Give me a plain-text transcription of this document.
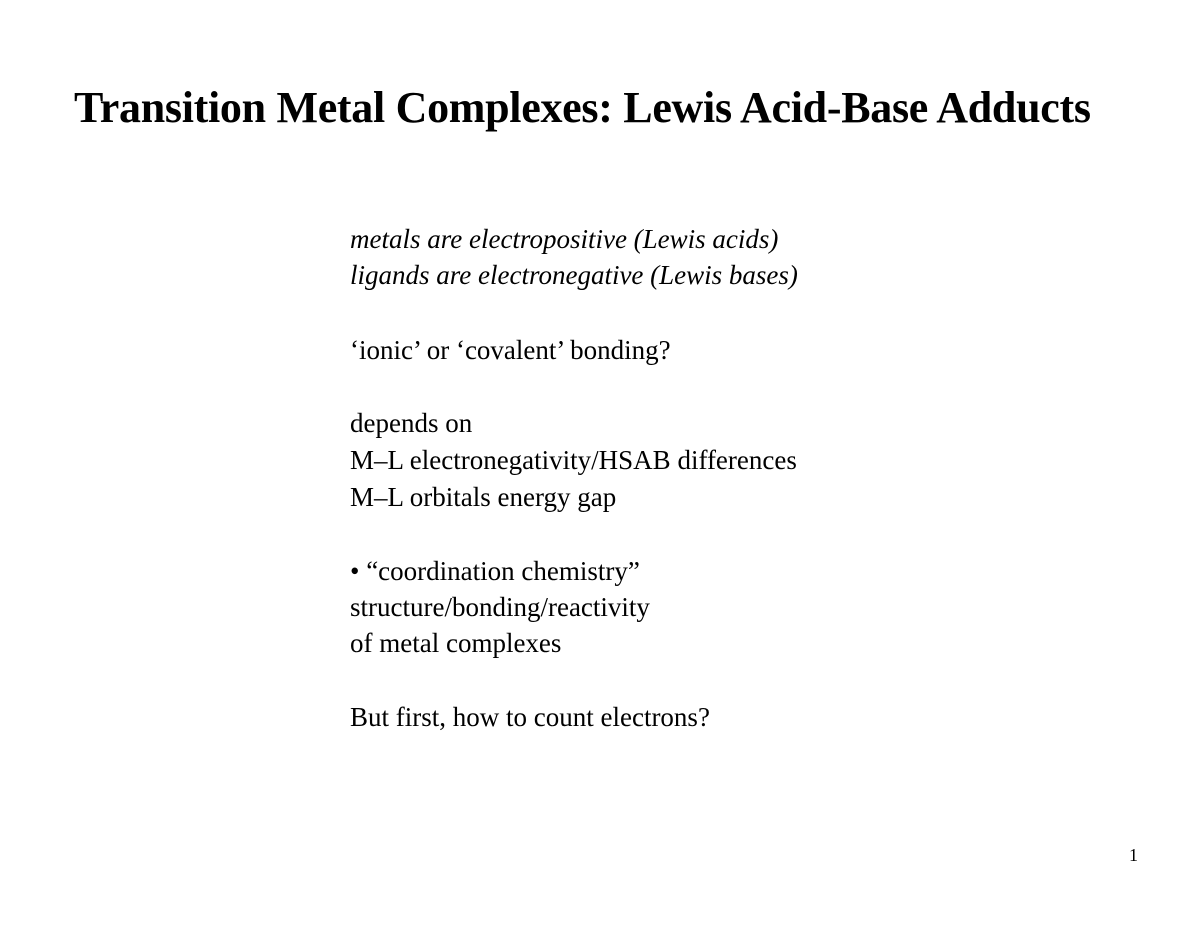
Transition Metal Complexes: Lewis Acid-Base Adducts
metals are electropositive (Lewis acids)
ligands are electronegative (Lewis bases)
‘ionic’ or ‘covalent’ bonding?
depends on
M–L electronegativity/HSAB differences
M–L orbitals energy gap
• “coordination chemistry”
structure/bonding/reactivity
of metal complexes
But first, how to count electrons?
1
